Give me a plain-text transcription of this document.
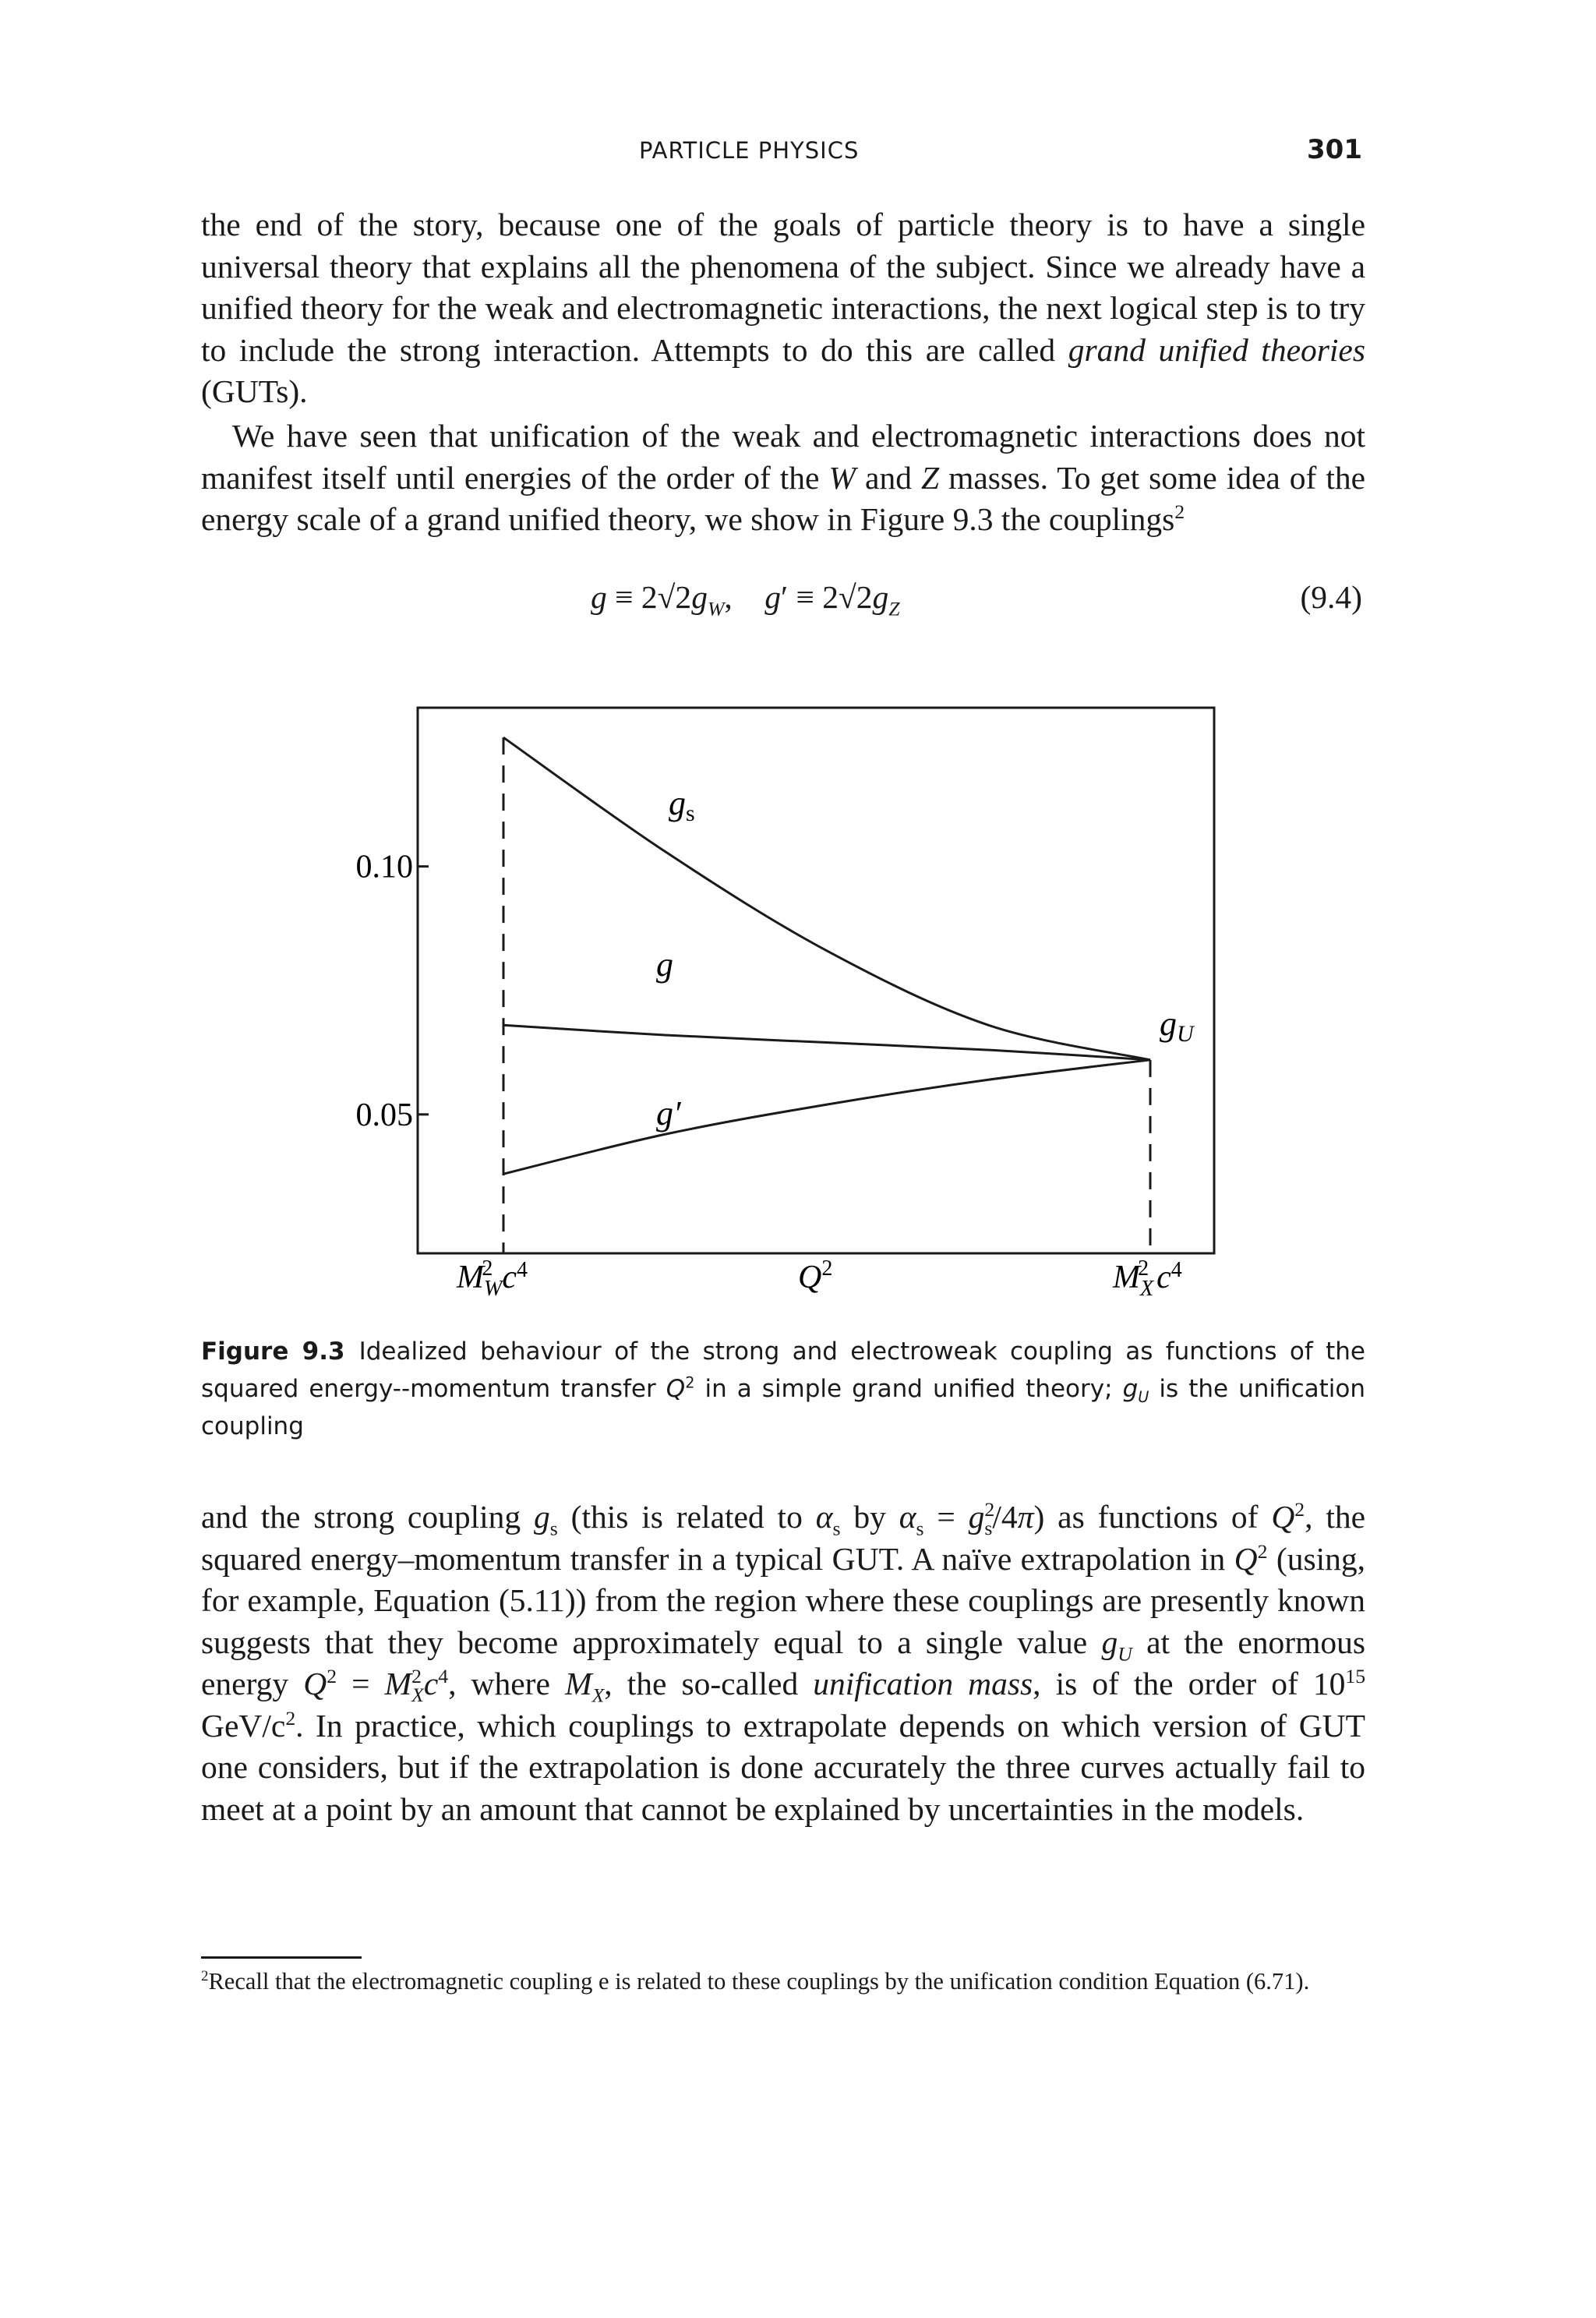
PARTICLE PHYSICS	301

the end of the story, because one of the goals of particle theory is to have a single universal theory that explains all the phenomena of the subject. Since we already have a unified theory for the weak and electromagnetic interactions, the next logical step is to try to include the strong interaction. Attempts to do this are called grand unified theories (GUTs).

We have seen that unification of the weak and electromagnetic interactions does not manifest itself until energies of the order of the W and Z masses. To get some idea of the energy scale of a grand unified theory, we show in Figure 9.3 the couplings$^2$

$g \equiv 2√2g_W$,    $g' \equiv 2√2g_Z$	(9.4)
0.05
0.10
gs
g
g′
gU
$M_W2$ $c^4$	$Q^2$	$M_X2$ $c^4$

Figure 9.3 Idealized behaviour of the strong and electroweak coupling as functions of the squared energy--momentum transfer $Q^2$ in a simple grand unified theory; $g_U$ is the unification coupling

and the strong coupling $g_s$ (this is related to $\alpha_s$ by $\alpha_s = g^2_s/4\pi$) as functions of $Q^2$, the squared energy–momentum transfer in a typical GUT. A naïve extrapolation in $Q^2$ (using, for example, Equation (5.11)) from the region where these couplings are presently known suggests that they become approximately equal to a single value $g_U$ at the enormous energy $Q^2 = M^2_Xc^4$, where $M_X$, the so-called unification mass, is of the order of $10^{15}$ GeV/$c^2$. In practice, which couplings to extrapolate depends on which version of GUT one considers, but if the extrapolation is done accurately the three curves actually fail to meet at a point by an amount that cannot be explained by uncertainties in the models.

$^2$Recall that the electromagnetic coupling e is related to these couplings by the unification condition Equation (6.71).
